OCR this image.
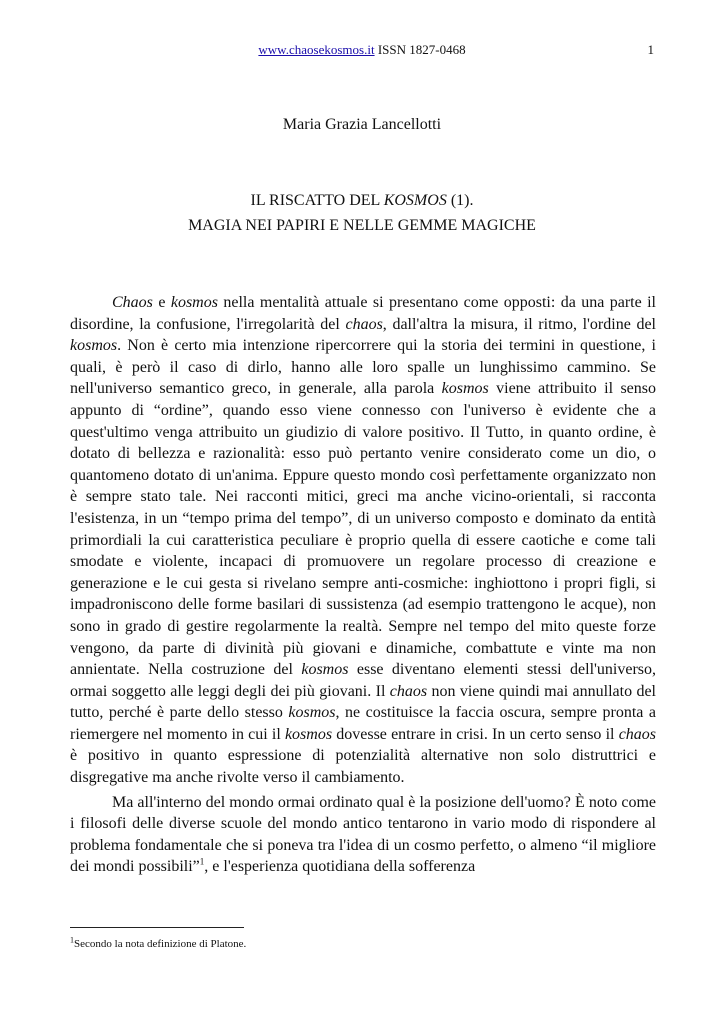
www.chaosekosmos.it ISSN 1827-0468	1
Maria Grazia Lancellotti
IL RISCATTO DEL KOSMOS (1).
MAGIA NEI PAPIRI E NELLE GEMME MAGICHE

Chaos e kosmos nella mentalità attuale si presentano come opposti: da una parte il disordine, la confusione, l'irregolarità del chaos, dall'altra la misura, il ritmo, l'ordine del kosmos. Non è certo mia intenzione ripercorrere qui la storia dei termini in questione, i quali, è però il caso di dirlo, hanno alle loro spalle un lunghissimo cammino. Se nell'universo semantico greco, in generale, alla parola kosmos viene attribuito il senso appunto di “ordine”, quando esso viene connesso con l'universo è evidente che a quest'ultimo venga attribuito un giudizio di valore positivo. Il Tutto, in quanto ordine, è dotato di bellezza e razionalità: esso può pertanto venire considerato come un dio, o quantomeno dotato di un'anima. Eppure questo mondo così perfettamente organizzato non è sempre stato tale. Nei racconti mitici, greci ma anche vicino-orientali, si racconta l'esistenza, in un “tempo prima del tempo”, di un universo composto e dominato da entità primordiali la cui caratteristica peculiare è proprio quella di essere caotiche e come tali smodate e violente, incapaci di promuovere un regolare processo di creazione e generazione e le cui gesta si rivelano sempre anti-cosmiche: inghiottono i propri figli, si impadroniscono delle forme basilari di sussistenza (ad esempio trattengono le acque), non sono in grado di gestire regolarmente la realtà. Sempre nel tempo del mito queste forze vengono, da parte di divinità più giovani e dinamiche, combattute e vinte ma non annientate. Nella costruzione del kosmos esse diventano elementi stessi dell'universo, ormai soggetto alle leggi degli dei più giovani. Il chaos non viene quindi mai annullato del tutto, perché è parte dello stesso kosmos, ne costituisce la faccia oscura, sempre pronta a riemergere nel momento in cui il kosmos dovesse entrare in crisi. In un certo senso il chaos è positivo in quanto espressione di potenzialità alternative non solo distruttrici e disgregative ma anche rivolte verso il cambiamento.

Ma all'interno del mondo ormai ordinato qual è la posizione dell'uomo? È noto come i filosofi delle diverse scuole del mondo antico tentarono in vario modo di rispondere al problema fondamentale che si poneva tra l'idea di un cosmo perfetto, o almeno “il migliore dei mondi possibili”$^1$, e l'esperienza quotidiana della sofferenza

$^1$Secondo la nota definizione di Platone.
